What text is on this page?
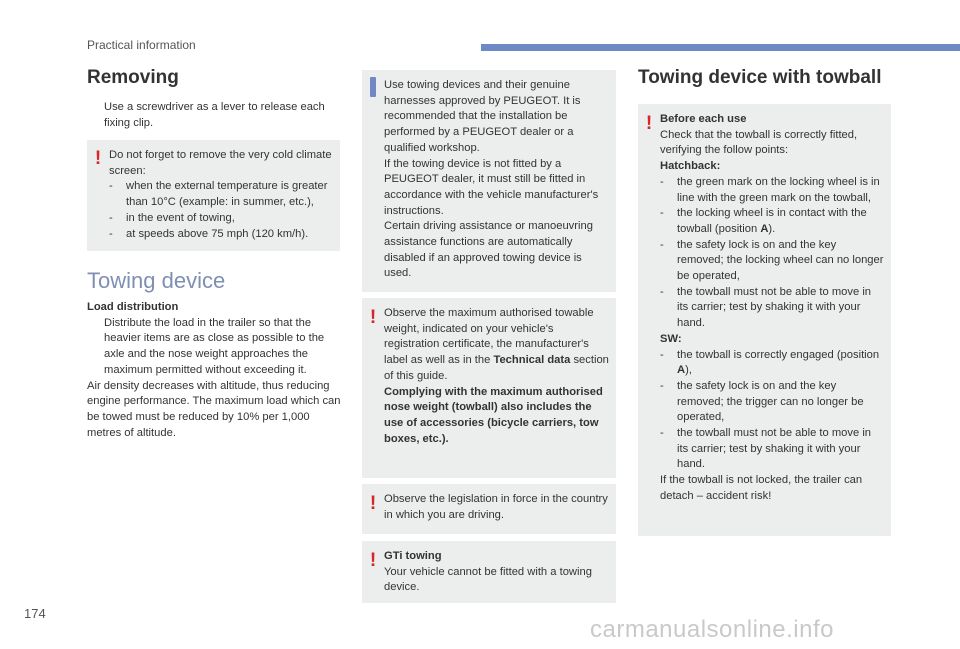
Practical information
Removing

Use a screwdriver as a lever to release each fixing clip.

! Do not forget to remove the very cold climate screen:

- when the external temperature is greater than 10°C (example: in summer, etc.),

- in the event of towing,

- at speeds above 75 mph (120 km/h).

Towing device

Load distribution

Distribute the load in the trailer so that the heavier items are as close as possible to the axle and the nose weight approaches the maximum permitted without exceeding it.

Air density decreases with altitude, thus reducing engine performance. The maximum load which can be towed must be reduced by 10% per 1,000 metres of altitude.

Use towing devices and their genuine harnesses approved by PEUGEOT. It is recommended that the installation be performed by a PEUGEOT dealer or a qualified workshop.

If the towing device is not fitted by a PEUGEOT dealer, it must still be fitted in accordance with the vehicle manufacturer's instructions.

Certain driving assistance or manoeuvring assistance functions are automatically disabled if an approved towing device is used.

! Observe the maximum authorised towable weight, indicated on your vehicle's registration certificate, the manufacturer's label as well as in the Technical data section of this guide.

Complying with the maximum authorised nose weight (towball) also includes the use of accessories (bicycle carriers, tow boxes, etc.).

! Observe the legislation in force in the country in which you are driving.

! GTi towing

Your vehicle cannot be fitted with a towing device.

Towing device with towball
! Before each use

Check that the towball is correctly fitted, verifying the follow points:

Hatchback:

- the green mark on the locking wheel is in line with the green mark on the towball,

- the locking wheel is in contact with the towball (position A).

- the safety lock is on and the key removed; the locking wheel can no longer be operated,

- the towball must not be able to move in its carrier; test by shaking it with your hand.

SW:

- the towball is correctly engaged (position A),

- the safety lock is on and the key removed; the trigger can no longer be operated,

- the towball must not be able to move in its carrier; test by shaking it with your hand.

If the towball is not locked, the trailer can detach – accident risk!

174
carmanualsonline.info
